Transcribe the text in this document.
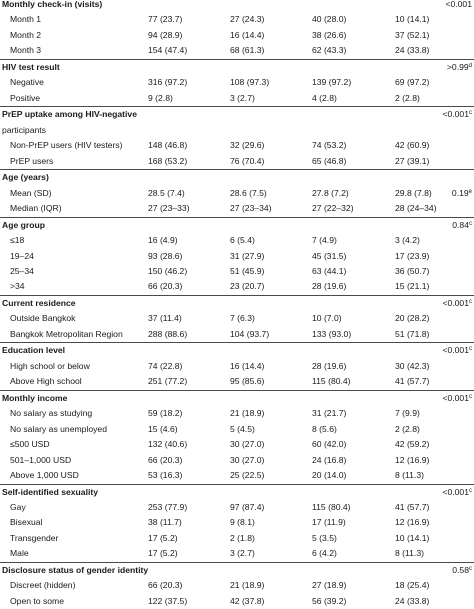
Monthly check-in (visits)	<0.001
Month 1	77 (23.7)	27 (24.3)	40 (28.0)	10 (14.1)
Month 2	94 (28.9)	16 (14.4)	38 (26.6)	37 (52.1)
Month 3	154 (47.4)	68 (61.3)	62 (43.3)	24 (33.8)
HIV test result	>0.99$^d$
Negative	316 (97.2)	108 (97.3)	139 (97.2)	69 (97.2)
Positive	9 (2.8)	3 (2.7)	4 (2.8)	2 (2.8)
PrEP uptake among HIV-negative	<0.001$^c$
participants
Non-PrEP users (HIV testers)	148 (46.8)	32 (29.6)	74 (53.2)	42 (60.9)
PrEP users	168 (53.2)	76 (70.4)	65 (46.8)	27 (39.1)
Age (years)
Mean (SD)	28.5 (7.4)	28.6 (7.5)	27.8 (7.2)	29.8 (7.8) 0.19e
Median (IQR)	27 (23–33)	27 (23–34)	27 (22–32)	28 (24–34)
Age group	0.84$^c$
≤18	16 (4.9)	6 (5.4)	7 (4.9)	3 (4.2)
19–24	93 (28.6)	31 (27.9)	45 (31.5)	17 (23.9)
25–34	150 (46.2)	51 (45.9)	63 (44.1)	36 (50.7)
>34	66 (20.3)	23 (20.7)	28 (19.6)	15 (21.1)
Current residence	<0.001$^c$
Outside Bangkok	37 (11.4)	7 (6.3)	10 (7.0)	20 (28.2)
Bangkok Metropolitan Region	288 (88.6)	104 (93.7)	133 (93.0)	51 (71.8)
Education level	<0.001$^c$
High school or below	74 (22.8)	16 (14.4)	28 (19.6)	30 (42.3)
Above High school	251 (77.2)	95 (85.6)	115 (80.4)	41 (57.7)
Monthly income	<0.001$^c$
No salary as studying	59 (18.2)	21 (18.9)	31 (21.7)	7 (9.9)
No salary as unemployed	15 (4.6)	5 (4.5)	8 (5.6)	2 (2.8)
≤500 USD	132 (40.6)	30 (27.0)	60 (42.0)	42 (59.2)
501–1,000 USD	66 (20.3)	30 (27.0)	24 (16.8)	12 (16.9)
Above 1,000 USD	53 (16.3)	25 (22.5)	20 (14.0)	8 (11.3)
Self-identified sexuality	<0.001$^c$
Gay	253 (77.9)	97 (87.4)	115 (80.4)	41 (57.7)
Bisexual	38 (11.7)	9 (8.1)	17 (11.9)	12 (16.9)
Transgender	17 (5.2)	2 (1.8)	5 (3.5)	10 (14.1)
Male	17 (5.2)	3 (2.7)	6 (4.2)	8 (11.3)
Disclosure status of gender identity	0.58$^c$
Discreet (hidden)	66 (20.3)	21 (18.9)	27 (18.9)	18 (25.4)
Open to some	122 (37.5)	42 (37.8)	56 (39.2)	24 (33.8)
